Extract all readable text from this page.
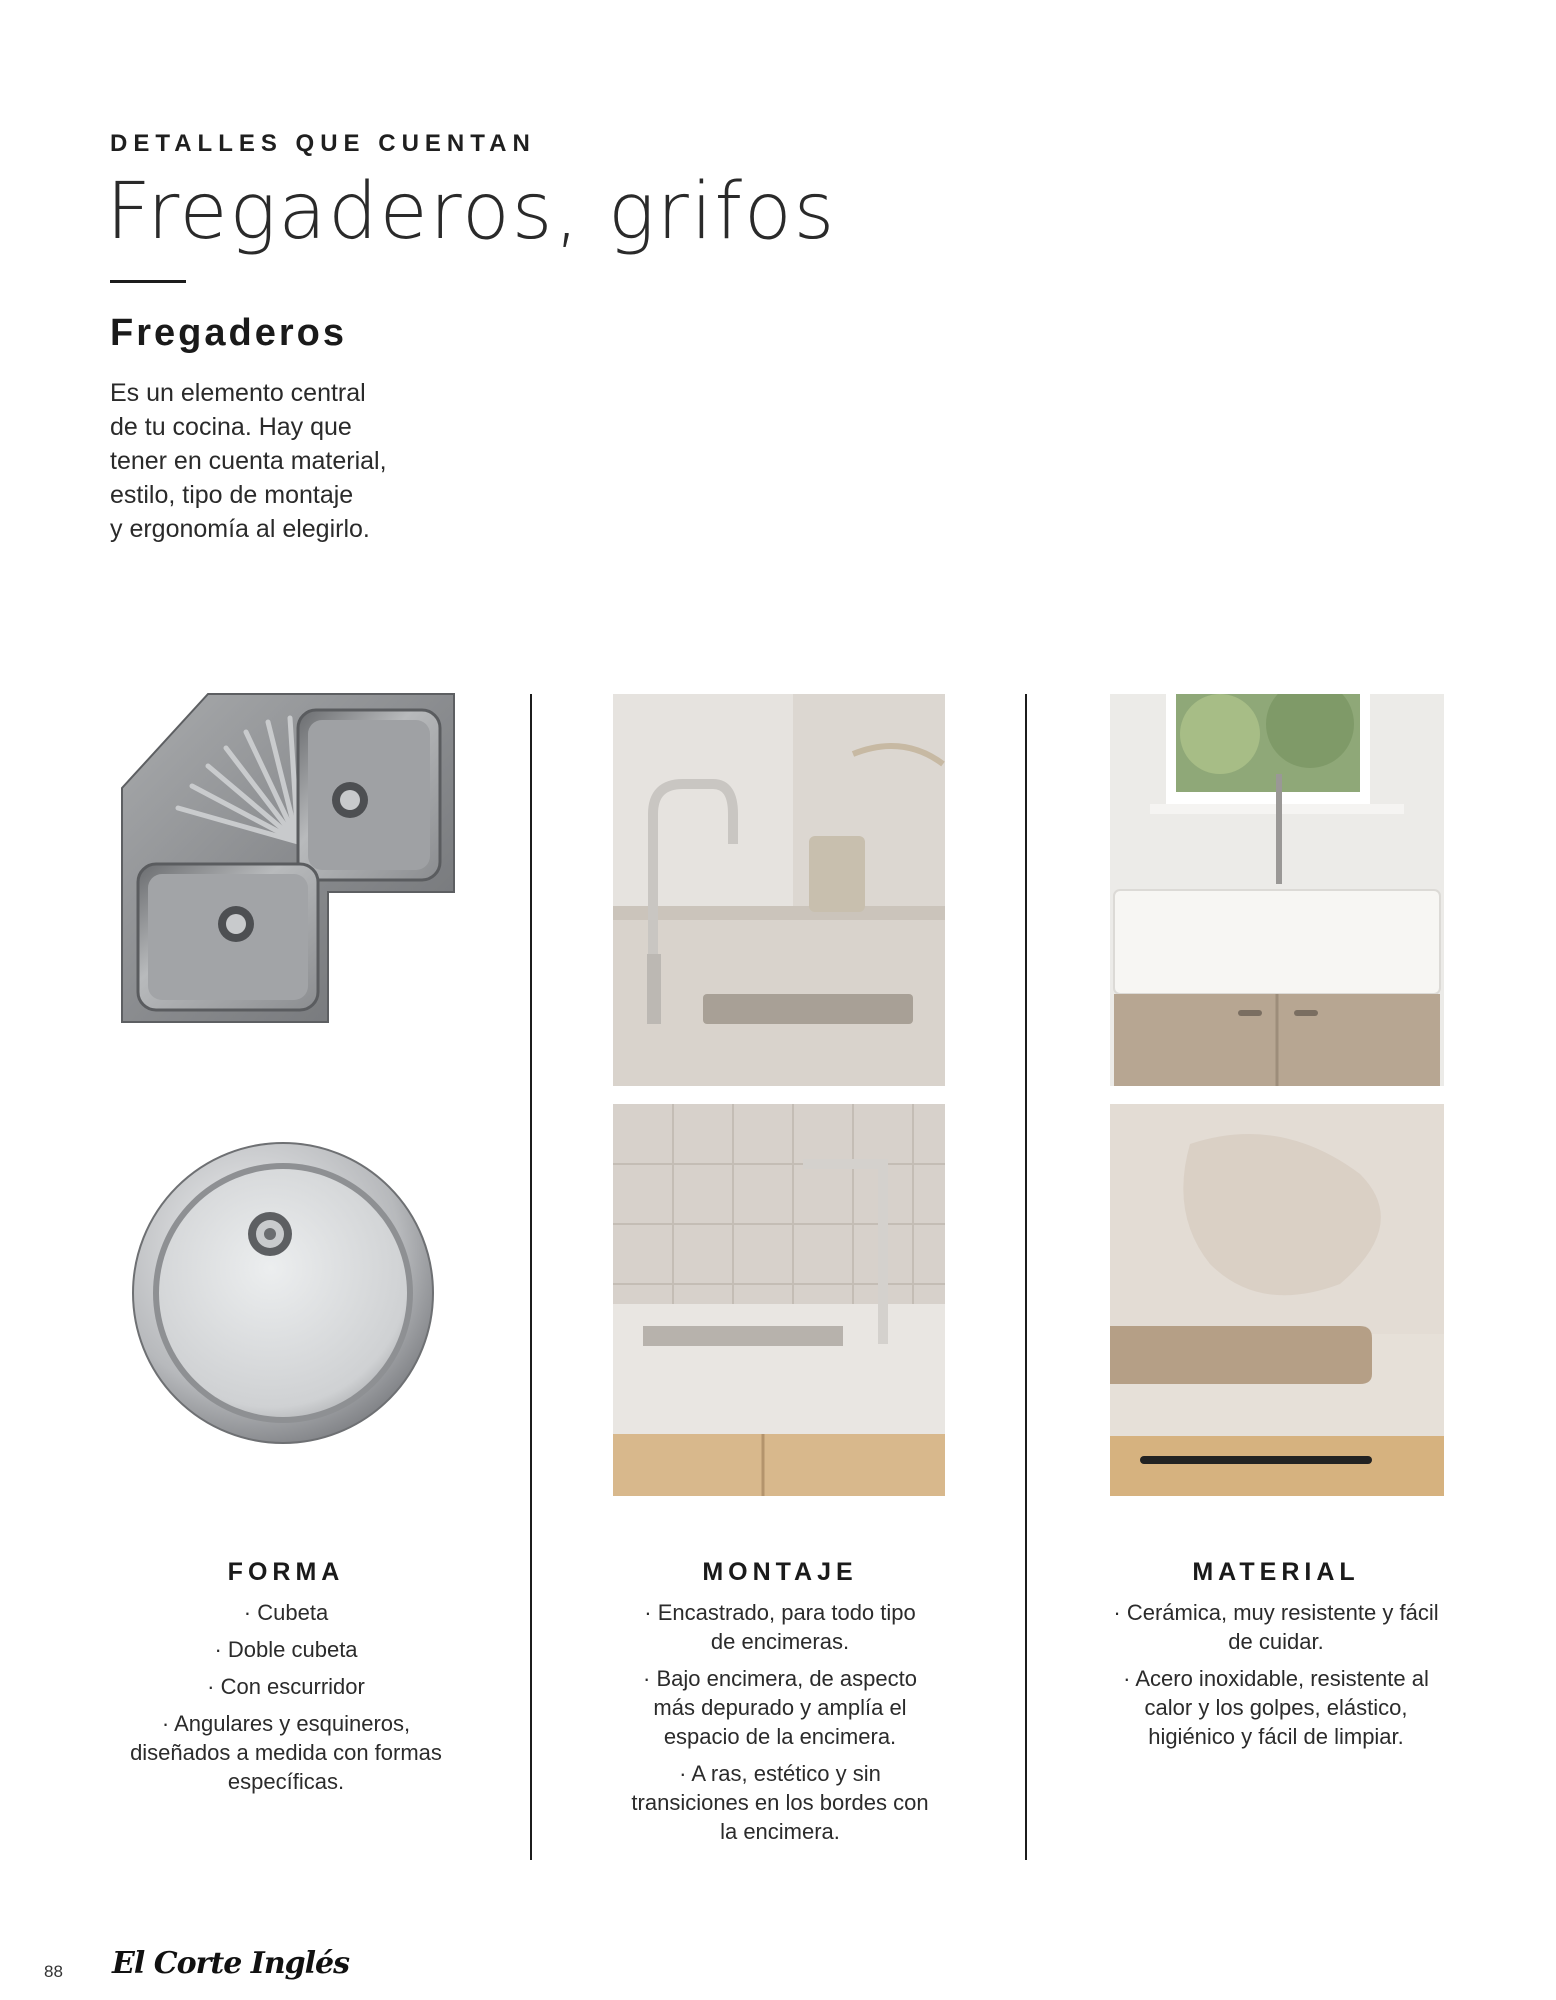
DETALLES QUE CUENTAN
Fregaderos, grifos
Fregaderos
Es un elemento central
de tu cocina. Hay que
tener en cuenta material,
estilo, tipo de montaje
y ergonomía al elegirlo.
FORMA
· Cubeta
· Doble cubeta
· Con escurridor
· Angulares y esquineros, diseñados a medida con formas específicas.
MONTAJE
· Encastrado, para todo tipo de encimeras.
· Bajo encimera, de aspecto más depurado y amplía el espacio de la encimera.
· A ras, estético y sin transiciones en los bordes con la encimera.
MATERIAL
· Cerámica, muy resistente y fácil de cuidar.
· Acero inoxidable, resistente al calor y los golpes, elástico, higiénico y fácil de limpiar.
88 El Corte Inglés
